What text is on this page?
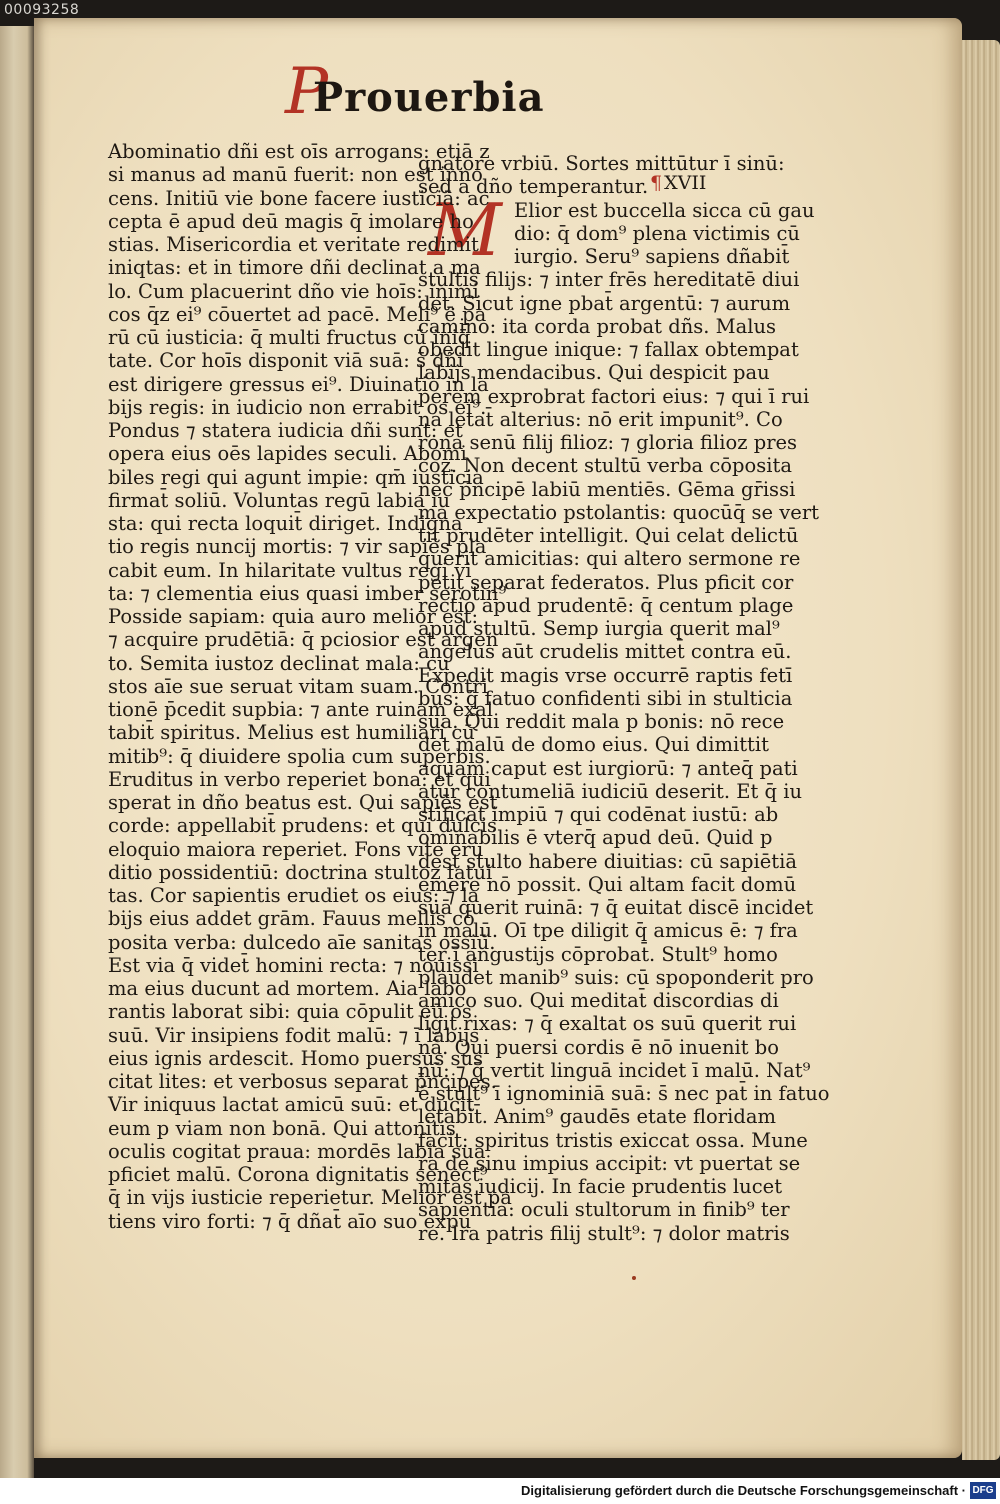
00093258
P
Prouerbia
¶ XVII
M
Abominatio dñi est oīs arrogans: etiā z
si manus ad manū fuerit: non est inno
cens. Initiū vie bone facere iusticiā: ac
cepta ē apud deū magis q̄ imolare ho
stias. Misericordia et veritate redimit
iniqtas: et in timore dñi declinat a ma
lo. Cum placuerint dño vie hoīs: inimi
cos q̄z ei⁹ cōuertet ad pacē. Meli⁹ ē pa
rū cū iusticia: q̄ multi fructus cū iniq̄
tate. Cor hoīs disponit viā suā: s̄ dñi
est dirigere gressus ei⁹. Diuinatio in la
bijs regis: in iudicio non errabit os ei⁹.
Pondus ⁊ statera iudicia dñi sunt: et
opera eius oēs lapides seculi. Abomi
biles regi qui agunt impie: qm̄ iusticia
firmat̄ soliū. Voluntas regū labia iu
sta: qui recta loquit̄ diriget. Indigna
tio regis nuncij mortis: ⁊ vir sapiēs pla
cabit eum. In hilaritate vultus regi vi
ta: ⁊ clementia eius quasi imber serotin⁹
Posside sapiam: quia auro melior est:
⁊ acquire prudētiā: q̄ pciosior est argen
to. Semita iustoz declinat mala: cu
stos aīe sue seruat vitam suam. Contri
tionē p̄cedit supbia: ⁊ ante ruinam exal
tabit̄ spiritus. Melius est humiliari cū
mitib⁹: q̄ diuidere spolia cum superbis.
Eruditus in verbo reperiet bona: et qui
sperat in dño beatus est. Qui sapiēs est
corde: appellabit̄ prudens: et qui dulcis
eloquio maiora reperiet. Fons vite eru
ditio possidentiū: doctrina stultoz fatui
tas. Cor sapientis erudiet os eius: ⁊ la
bijs eius addet grām. Fauus mellis cō
posita verba: dulcedo aīe sanitas ossiū.
Est via q̄ videt̄ homini recta: ⁊ nouissi
ma eius ducunt ad mortem. Aia labo
rantis laborat sibi: quia cōpulit eū os
suū. Vir insipiens fodit malū: ⁊ ī labijs
eius ignis ardescit. Homo puersus sus
citat lites: et verbosus separat p̄ncipes.
Vir iniquus lactat amicū suū: et ducit
eum p viam non bonā. Qui attonitis
oculis cogitat praua: mordēs labia sua
pficiet malū. Corona dignitatis senect⁹
q̄ in vijs iusticie reperietur. Melior est pa
tiens viro forti: ⁊ q̄ dñat̄ aīo suo expu
gnatore vrbiū. Sortes mittūtur ī sinū:
sed a dño temperantur.
Elior est buccella sicca cū gau
dio: q̄ dom⁹ plena victimis cū
iurgio. Seru⁹ sapiens dñabit̄
stultis filijs: ⁊ inter frēs hereditatē diui
det. Sicut igne pbat̄ argentū: ⁊ aurum
camino: ita corda probat dñs. Malus
obedit lingue inique: ⁊ fallax obtempat
labijs mendacibus. Qui despicit pau
perem exprobrat factori eius: ⁊ qui ī rui
na letat̄ alterius: nō erit impunit⁹. Co
rona senū filij filioz: ⁊ gloria filioz pres
coz. Non decent stultū verba cōposita
nec p̄ncipē labiū mentiēs. Gēma gr̄issi
ma expectatio pstolantis: quocūq̄ se vert
tit prudēter intelligit. Qui celat delictū
querit amicitias: qui altero sermone re
petit separat federatos. Plus pficit cor
rectio apud prudentē: q̄ centum plage
apud stultū. Semp iurgia querit mal⁹
angelus aūt crudelis mittet̄ contra eū.
Expedit magis vrse occurrē raptis fetī
bus: q̄ fatuo confidenti sibi in stulticia
sua. Qui reddit mala p bonis: nō rece
det malū de domo eius. Qui dimittit
aquam caput est iurgiorū: ⁊ anteq̄ pati
atur contumeliā iudiciū deserit. Et q̄ iu
stificat impiū ⁊ qui codēnat iustū: ab
ominabilis ē vterq̄ apud deū. Quid p
dest stulto habere diuitias: cū sapiētiā
emere nō possit. Qui altam facit domū
suā querit ruinā: ⁊ q̄ euitat discē incidet
in malū. Oī tpe diligit q̄ amicus ē: ⁊ fra
ter ī angustijs cōprobat̄. Stult⁹ homo
plaudet manib⁹ suis: cū spoponderit pro
amico suo. Qui meditat̄ discordias di
ligit rixas: ⁊ q̄ exaltat os suū querit rui
nā. Qui puersi cordis ē nō inuenit bo
nū: ⁊ q̄ vertit linguā incidet ī malū. Nat⁹
ē stult⁹ ī ignominiā suā: s̄ nec pat̄ in fatuo
letabit̄. Anim⁹ gaudēs etate floridam
facit: spiritus tristis exiccat ossa. Mune
ra de sinu impius accipit: vt puertat se
mitas iudicij. In facie prudentis lucet
sapientia: oculi stultorum in finib⁹ ter
re. Ira patris filij stult⁹: ⁊ dolor matris
Digitalisierung gefördert durch die Deutsche Forschungsgemeinschaft · DFG
